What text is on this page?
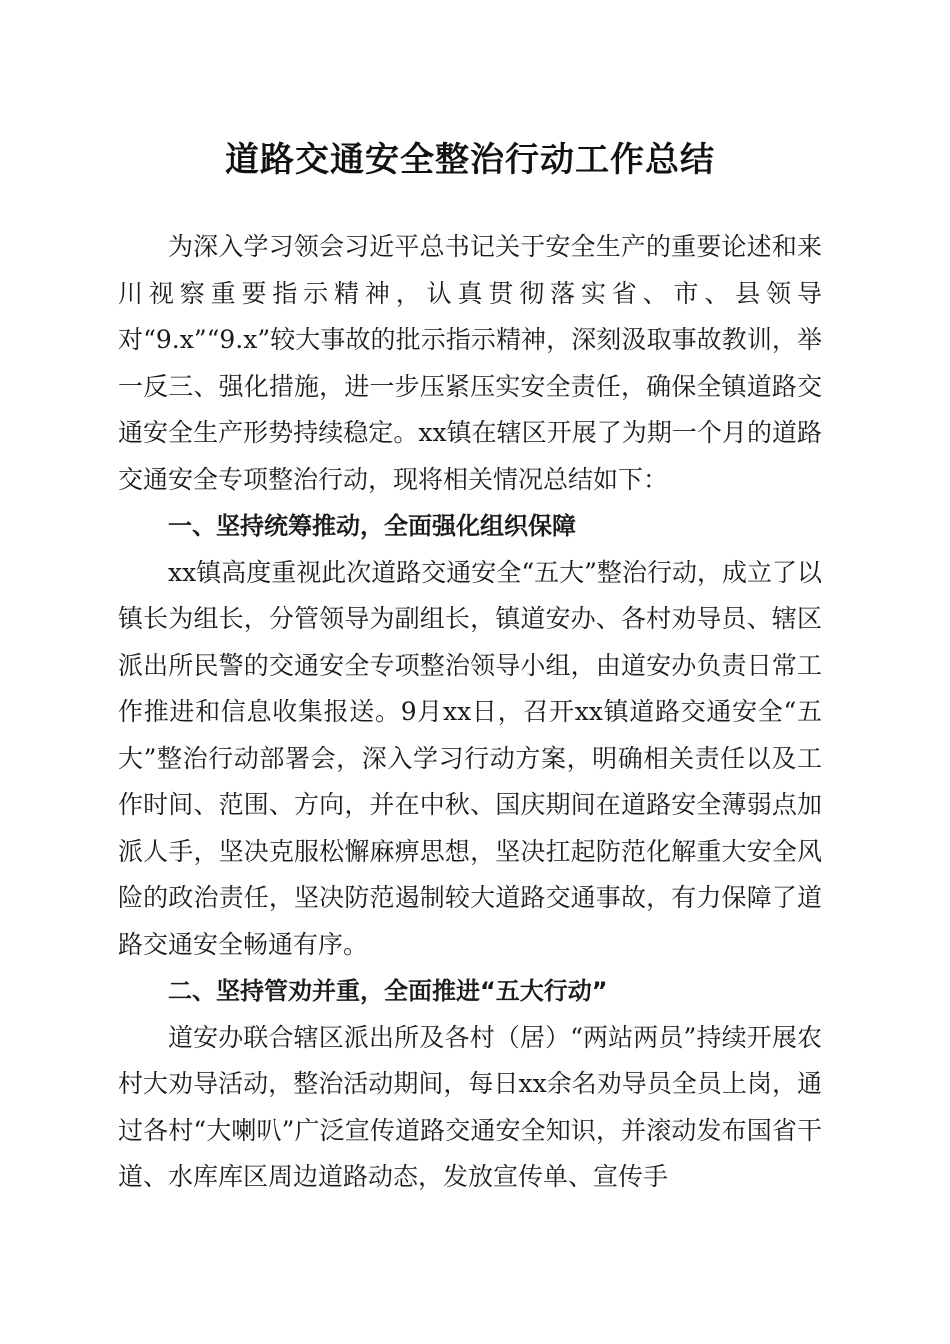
道路交通安全整治行动工作总结

为深入学习领会习近平总书记关于安全生产的重要论述和来川视察重要指示精神，认真贯彻落实省、市、县领导对“9.x”“9.x”较大事故的批示指示精神，深刻汲取事故教训，举一反三、强化措施，进一步压紧压实安全责任，确保全镇道路交通安全生产形势持续稳定。xx镇在辖区开展了为期一个月的道路交通安全专项整治行动，现将相关情况总结如下：

一、坚持统筹推动，全面强化组织保障

xx镇高度重视此次道路交通安全“五大”整治行动，成立了以镇长为组长，分管领导为副组长，镇道安办、各村劝导员、辖区派出所民警的交通安全专项整治领导小组，由道安办负责日常工作推进和信息收集报送。9月xx日，召开xx镇道路交通安全“五大”整治行动部署会，深入学习行动方案，明确相关责任以及工作时间、范围、方向，并在中秋、国庆期间在道路安全薄弱点加派人手，坚决克服松懈麻痹思想，坚决扛起防范化解重大安全风险的政治责任，坚决防范遏制较大道路交通事故，有力保障了道路交通安全畅通有序。

二、坚持管劝并重，全面推进“五大行动”

道安办联合辖区派出所及各村（居）“两站两员”持续开展农村大劝导活动，整治活动期间，每日xx余名劝导员全员上岗，通过各村“大喇叭”广泛宣传道路交通安全知识，并滚动发布国省干道、水库库区周边道路动态，发放宣传单、宣传手
